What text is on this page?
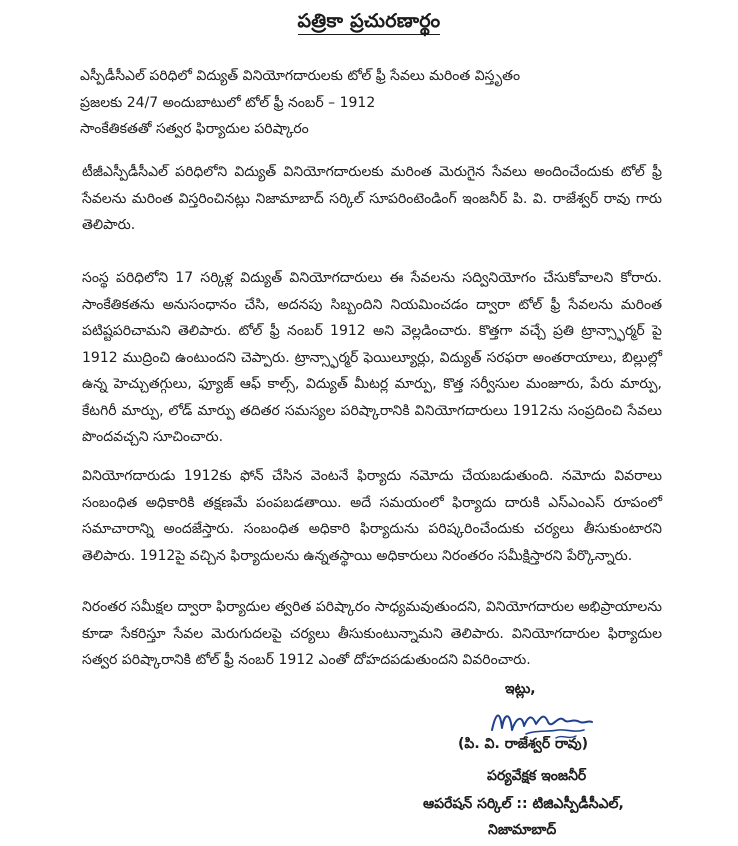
పత్రికా ప్రచురణార్థం
ఎస్పీడీసీఎల్ పరిధిలో విద్యుత్ వినియోగదారులకు టోల్ ఫ్రీ సేవలు మరింత విస్తృతం
ప్రజలకు 24/7 అందుబాటులో టోల్ ఫ్రీ నంబర్ – 1912
సాంకేతికతతో సత్వర ఫిర్యాదుల పరిష్కారం
టీజీఎస్పీడీసీఎల్ పరిధిలోని విద్యుత్ వినియోగదారులకు మరింత మెరుగైన సేవలు అందించేందుకు టోల్ ఫ్రీ సేవలను మరింత విస్తరించినట్లు నిజామాబాద్ సర్కిల్ సూపరింటెండింగ్ ఇంజనీర్ పి. వి. రాజేశ్వర్ రావు గారు తెలిపారు.
సంస్థ పరిధిలోని 17 సర్కిళ్ల విద్యుత్ వినియోగదారులు ఈ సేవలను సద్వినియోగం చేసుకోవాలని కోరారు. సాంకేతికతను అనుసంధానం చేసి, అదనపు సిబ్బందిని నియమించడం ద్వారా టోల్ ఫ్రీ సేవలను మరింత పటిష్టపరిచామని తెలిపారు. టోల్ ఫ్రీ నంబర్ 1912 అని వెల్లడించారు. కొత్తగా వచ్చే ప్రతి ట్రాన్స్ఫార్మర్ పై 1912 ముద్రించి ఉంటుందని చెప్పారు. ట్రాన్స్ఫార్మర్ ఫెయిల్యూర్లు, విద్యుత్ సరఫరా అంతరాయాలు, బిల్లుల్లో ఉన్న హెచ్చుతగ్గులు, ఫ్యూజ్ ఆఫ్ కాల్స్, విద్యుత్ మీటర్ల మార్పు, కొత్త సర్వీసుల మంజూరు, పేరు మార్పు, కేటగిరీ మార్పు, లోడ్ మార్పు తదితర సమస్యల పరిష్కారానికి వినియోగదారులు 1912ను సంప్రదించి సేవలు పొందవచ్చని సూచించారు.
వినియోగదారుడు 1912కు ఫోన్ చేసిన వెంటనే ఫిర్యాదు నమోదు చేయబడుతుంది. నమోదు వివరాలు సంబంధిత అధికారికి తక్షణమే పంపబడతాయి. అదే సమయంలో ఫిర్యాదు దారుకి ఎస్ఎంఎస్ రూపంలో సమాచారాన్ని అందజేస్తారు. సంబంధిత అధికారి ఫిర్యాదును పరిష్కరించేందుకు చర్యలు తీసుకుంటారని తెలిపారు. 1912పై వచ్చిన ఫిర్యాదులను ఉన్నతస్థాయి అధికారులు నిరంతరం సమీక్షిస్తారని పేర్కొన్నారు.
నిరంతర సమీక్షల ద్వారా ఫిర్యాదుల త్వరిత పరిష్కారం సాధ్యమవుతుందని, వినియోగదారుల అభిప్రాయాలను కూడా సేకరిస్తూ సేవల మెరుగుదలపై చర్యలు తీసుకుంటున్నామని తెలిపారు. వినియోగదారుల ఫిర్యాదుల సత్వర పరిష్కారానికి టోల్ ఫ్రీ నంబర్ 1912 ఎంతో దోహదపడుతుందని వివరించారు.
ఇట్లు,
(పి. వి. రాజేశ్వర్ రావు)
పర్యవేక్షక ఇంజనీర్
ఆపరేషన్ సర్కిల్ :: టిజిఎస్పీడీసీఎల్,
నిజామాబాద్
